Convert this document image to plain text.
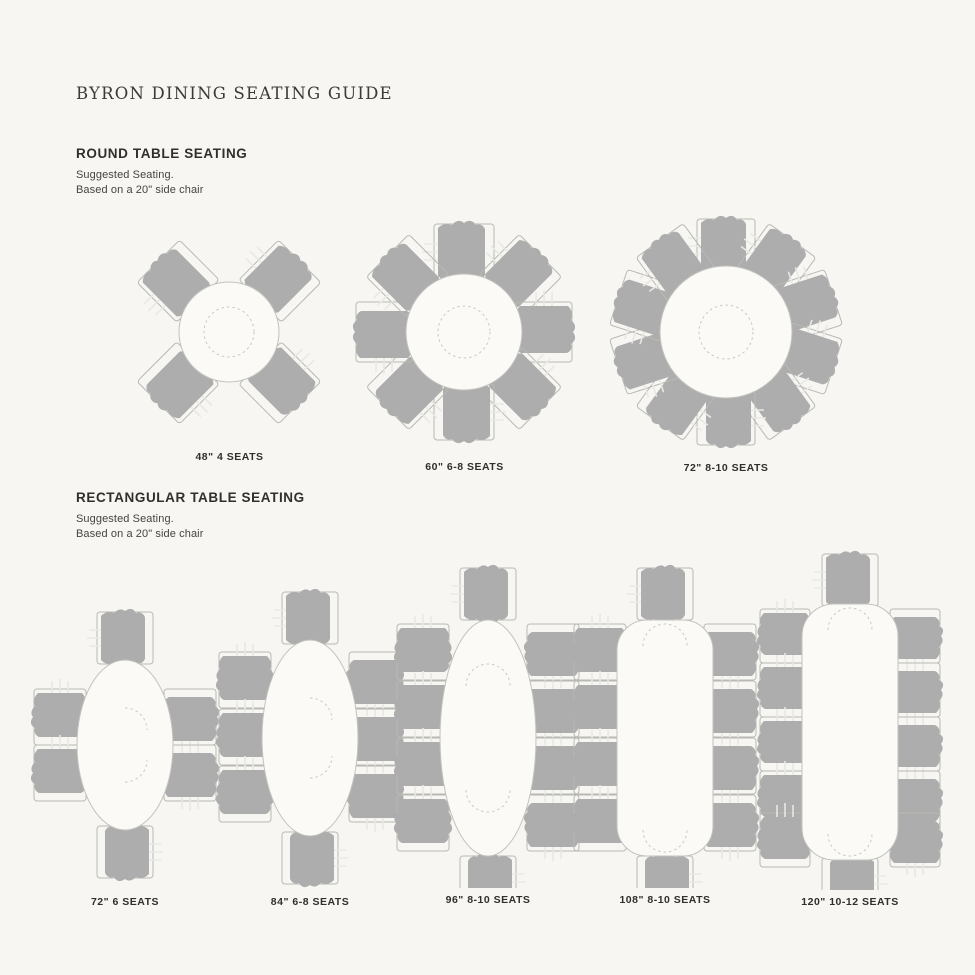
BYRON DINING SEATING GUIDE
ROUND TABLE SEATING
Suggested Seating.
Based on a 20" side chair
48" 4 SEATS
60" 6-8 SEATS	72" 8-10 SEATS
RECTANGULAR TABLE SEATING
Suggested Seating.
Based on a 20" side chair
72" 6 SEATS	84" 6-8 SEATS	96" 8-10 SEATS	108" 8-10 SEATS	120" 10-12 SEATS
